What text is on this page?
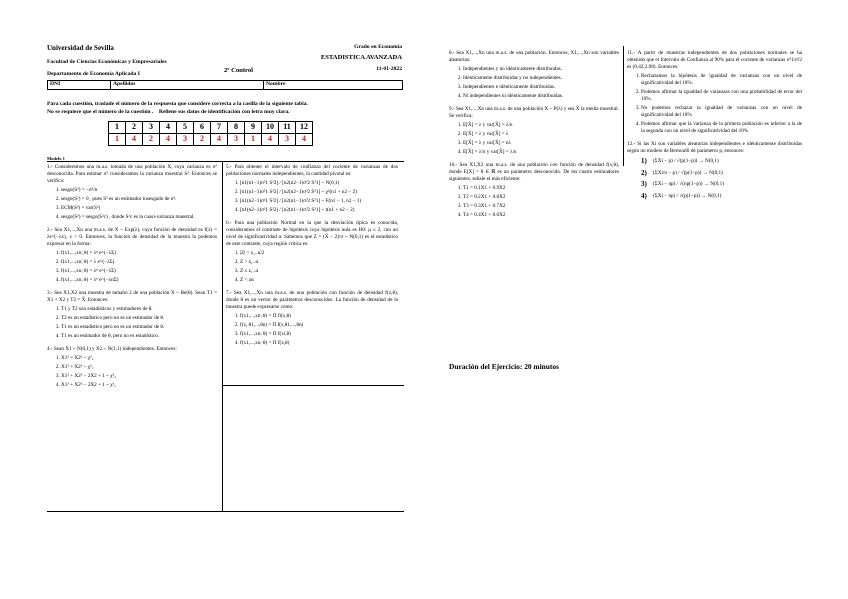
Universidad de Sevilla
Facultad de Ciencias Económicas y Empresariales
Departamento de Economía Aplicada I	2º Control
Grado en Economía
ESTADISTICA AVANZADA
11-01-2022
DNI	Apellidos	Nombre
Para cada cuestión, traslade el número de la respuesta que considere correcta a la casilla de la siguiente tabla.
No se requiere que el número de la cuestión . Rellene sus datos de identificación con letra muy clara.
1	2	3	4	5	6	7	8	9	10	11	12
1	4	2	4	3	2	4	3	1	4	3	4
Modelo 1
1.- Consideremos una m.a.s. tomada de una población X, cuya varianza es σ² desconocida. Para estimar σ² consideramos la varianza muestral S². Entonces se verifica:
1. sesgo(S²) = −σ²/n
2. sesgo(S²) = 0 , pues S² es un estimador insesgado de σ².
3. ECM(S²) = var(S²)
4. sesgo(S²) = sesgo(S²c) , donde S²c es la cuasi-varianza muestral.
2.- Sea X1,...,Xn una m.a.s. de X ~ Exp(λ), cuya función de densidad es f(x) = λe^(−λx), x > 0. Entonces, la función de densidad de la muestra la podemos expresar en la forma:
1. f(x1,...,xn; θ) = λⁿ e^(−λΣ)
2. f(x1,...,xn; θ) = λ e^(−λΣ)
3. f(x1,...,xn; θ) = λⁿ e^(−λΣ)
4. f(x1,...,xn; θ) = λⁿ e^(−λnΣ)
3.- Sea X1,X2 una muestra de tamaño 2 de una población X ~ Be(θ). Sean T1 = X1 + X2 y T2 = X̄. Entonces:
1. T1 y T2 son estadísticos y estimadores de θ.
2. T2 es un estadístico pero no es un estimador de θ.
3. T1 es un estadístico pero no es un estimador de θ.
4. T1 es un estimador de θ, pero no es estadístico.
4.- Sean X1 ~ N(0,1) y X2 ~ N(1,1) independientes. Entonces:
1. X1² + X2² ~ χ²₂
2. X1² + X2² ~ χ²₁
3. X1² + X2² − 2X2 + 1 ~ χ²₂
4. X1² + X2² − 2X2 + 1 ~ χ²₁
5.- Para obtener el intervalo de confianza del cociente de varianzas de dos poblaciones normales independientes, la cantidad pivotal es:
1. [n1(n1−1)σ²1 S²2] / [n2(n2−1)σ²2 S²1] ~ N(0,1)
2. [n1(n1−1)σ²1 S²2] / [n2(n2−1)σ²2 S²1] ~ χ²(n1 + n2 − 2)
3. [n1(n2−1)σ²1 S²2] / [n2(n1−1)σ²2 S²1] ~ F(n1 − 1, n2 − 1)
4. [n1(n2−1)σ²1 S²2] / [n2(n1−1)σ²2 S²1] ~ t(n1 + n2 − 2)
6.- Para una población Normal en la que la desviación típica es conocida, consideramos el contraste de hipótesis cuya hipótesis nula es H0: μ ≤ 2, con un nivel de significatividad α. Sabemos que Z = (X̄ − 2)/σ ~ N(0,1) es el estadístico de este contraste, cuya región crítica es:
1. |Z| > z₁₋α/2
2. Z > z₁₋α
3. Z ≤ z₁₋α
4. Z < zα
7.- Sea X1,...,Xn una m.a.s. de una población con función de densidad f(x,θ), donde θ es un vector de parámetros desconocidos. La función de densidad de la muestra puede expresarse como:
1. f(x1,...,xn; θ) = Π fi(x,θ)
2. f(x, θ1,...,θn) = Π f(x,θ1,...,θn)
3. f(x1,...,xn; θ) = Π f(xi,θ)
4. f(x1,...,xn; θ) = Π f(x,θ)
8.- Sea X1,...,Xn una m.a.s. de una población. Entonces, X1,...,Xn son variables aleatorias:
1. Independientes y no idénticamente distribuidas.
2. Idénticamente distribuidas y no independientes.
3. Independientes e idénticamente distribuidas.
4. Ni independientes ni idénticamente distribuidas.
9.- Sea X1,...,Xn una m.a.s. de una población X ~ P(λ) y sea X̄ la media muestral. Se verifica:
1. E[X̄] = λ y var[X̄] = λ/n
2. E[X̄] = λ y var[X̄] = λ
3. E[X̄] = λ y var[X̄] = nλ
4. E[X̄] = λ/n y var[X̄] = λ/n
10.- Sea X1,X2 una m.a.s. de una población con función de densidad f(x,θ), donde E[X] = θ ∈ ℝ es un parámetro desconocido. De los cuatro estimadores siguientes, señale el más eficiente:
1. T1 = 0.1X1 + 0.9X2
2. T2 = 0.2X1 + 0.8X2
3. T3 = 0.3X1 + 0.7X2
4. T4 = 0.4X1 + 0.6X2
11.- A partir de muestras independientes de dos poblaciones normales se ha obtenido que el Intervalo de Confianza al 90% para el cociente de varianzas σ²1/σ²2 es (0.42,2.98). Entonces:
1. Rechazamos la hipótesis de igualdad de varianzas con un nivel de significatividad del 10%.
2. Podemos afirmar la igualdad de varianzas con una probabilidad de error del 10%.
3. No podemos rechazar la igualdad de varianzas con un nivel de significatividad del 10%
4. Podemos afirmar que la varianza de la primera población es inferior a la de la segunda con un nivel de significatividad del 10%
12.- Si las Xi son variables aleatorias independientes e idénticamente distribuidas según un modelo de Bernoulli de parámetro p, entonces:
1)	(ΣXi − p) / √(p(1−p)) → N(0,1)
2)	(ΣXi/n − p) / √(p(1−p)) → N(0,1)
3)	(ΣXi − np) / √(np(1−p)) → N(0,1)
4)	(ΣXi − np) / √(p(1−p)) → N(0,1)
Duración del Ejercicio: 20 minutos
